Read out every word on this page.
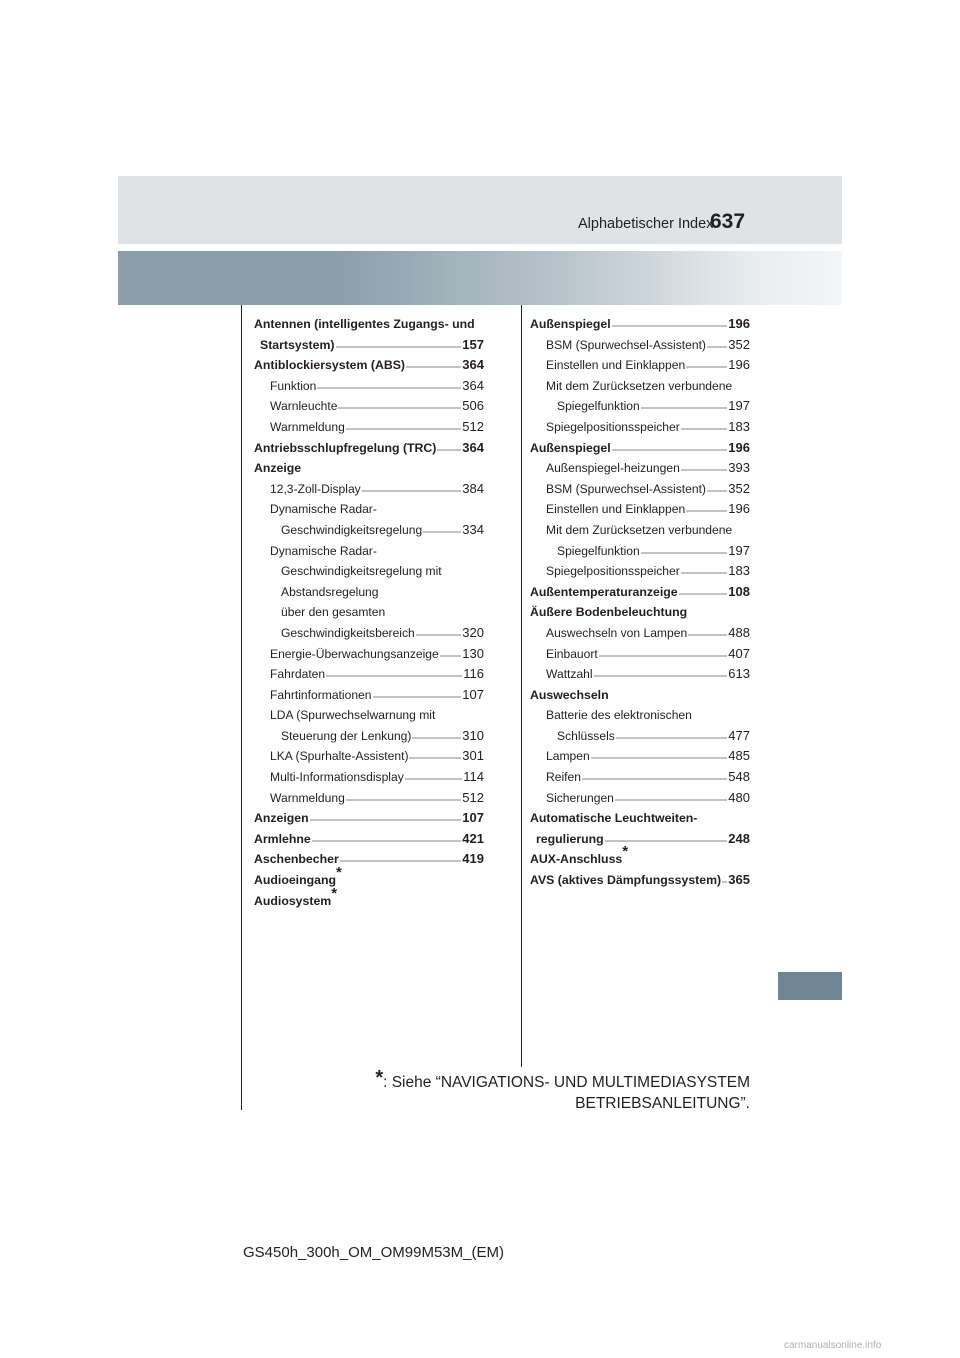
Alphabetischer Index
637
Antennen (intelligentes Zugangs- und
Startsystem)	157
Antiblockiersystem (ABS)	364
Funktion	364
Warnleuchte	506
Warnmeldung	512
Antriebsschlupfregelung (TRC) 364
Anzeige
12,3-Zoll-Display	384
Dynamische Radar-
Geschwindigkeitsregelung	334
Dynamische Radar-
Geschwindigkeitsregelung mit
Abstandsregelung
über den gesamten
Geschwindigkeitsbereich	320
Energie-Überwachungsanzeige 130
Fahrdaten	116
Fahrtinformationen	107
LDA (Spurwechselwarnung mit
Steuerung der Lenkung)	310
LKA (Spurhalte-Assistent)	301
Multi-Informationsdisplay	114
Warnmeldung	512
Anzeigen	107
Armlehne	421
Aschenbecher	419
Audioeingang*
Audiosystem*
Außenspiegel	196
BSM (Spurwechsel-Assistent) 352
Einstellen und Einklappen	196
Mit dem Zurücksetzen verbundene
Spiegelfunktion	197
Spiegelpositionsspeicher	183
Außenspiegel	196
Außenspiegel-heizungen	393
BSM (Spurwechsel-Assistent) 352
Einstellen und Einklappen	196
Mit dem Zurücksetzen verbundene
Spiegelfunktion	197
Spiegelpositionsspeicher	183
Außentemperaturanzeige	108
Äußere Bodenbeleuchtung
Auswechseln von Lampen	488
Einbauort	407
Wattzahl	613
Auswechseln
Batterie des elektronischen
Schlüssels	477
Lampen	485
Reifen	548
Sicherungen	480
Automatische Leuchtweiten-
regulierung	248
AUX-Anschluss*
AVS (aktives Dämpfungssystem) 365
*: Siehe “NAVIGATIONS- UND MULTIMEDIASYSTEM
BETRIEBSANLEITUNG”.
GS450h_300h_OM_OM99M53M_(EM)
carmanualsonline.info
